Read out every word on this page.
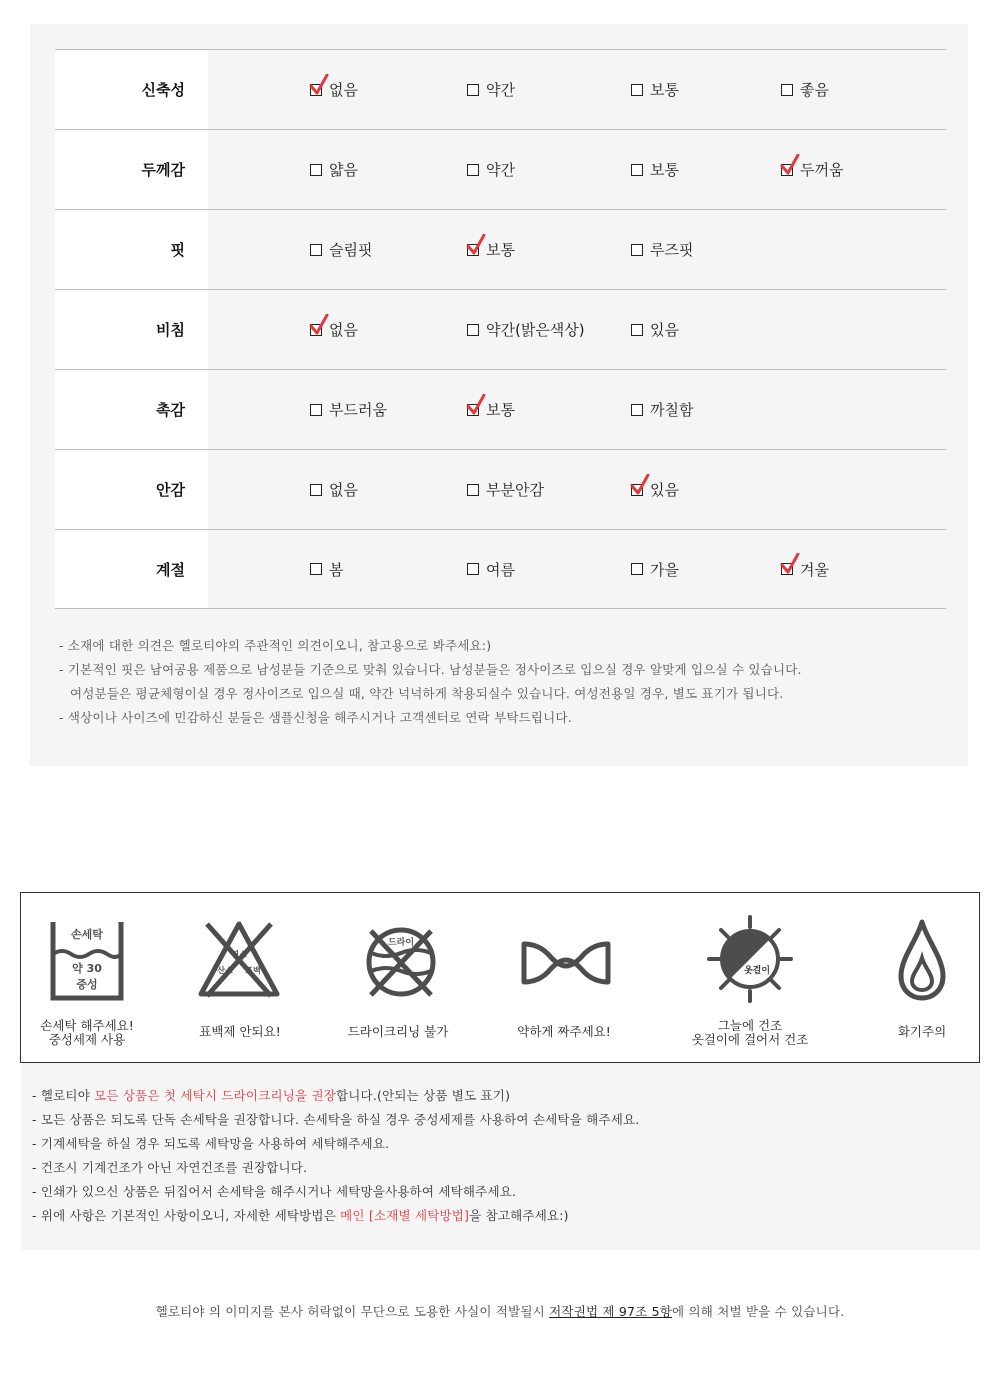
신축성	없음	약간	보통	좋음
두께감	얇음	약간	보통	두꺼움
핏	슬림핏	보통	루즈핏
비침	없음	약간(밝은색상)	있음
촉감	부드러움	보통	까칠함
안감	없음	부분안감	있음
계절	봄	여름	가을	겨울
- 소재에 대한 의견은 헬로티야의 주관적인 의견이오니, 참고용으로 봐주세요:)
- 기본적인 핏은 남여공용 제품으로 남성분들 기준으로 맞춰 있습니다. 남성분들은 정사이즈로 입으실 경우 알맞게 입으실 수 있습니다.
여성분들은 평균체형이실 경우 정사이즈로 입으실 때, 약간 넉넉하게 착용되실수 있습니다. 여성전용일 경우, 별도 표기가 됩니다.
- 색상이나 사이즈에 민감하신 분들은 샘플신청을 해주시거나 고객센터로 연락 부탁드립니다.
손세탁
약 30
중성
손세탁 해주세요!
중성세제 사용
염소
산소 표백
표백제 안되요!
드라이
드라이크리닝 불가	약하게 짜주세요!
옷걸이
그늘에 건조
옷걸이에 걸어서 건조
화기주의
- 헬로티야 모든 상품은 첫 세탁시 드라이크리닝을 권장합니다.(안되는 상품 별도 표기)
- 모든 상품은 되도록 단독 손세탁을 권장합니다. 손세탁을 하실 경우 중성세제를 사용하여 손세탁을 해주세요.
- 기계세탁을 하실 경우 되도록 세탁망을 사용하여 세탁해주세요.
- 건조시 기계건조가 아닌 자연건조를 권장합니다.
- 인쇄가 있으신 상품은 뒤집어서 손세탁을 해주시거나 세탁망을사용하여 세탁해주세요.
- 위에 사항은 기본적인 사항이오니, 자세한 세탁방법은 메인 [소재별 세탁방법]을 참고해주세요:)
헬로티야 의 이미지를 본사 허락없이 무단으로 도용한 사실이 적발될시 저작권법 제 97조 5항에 의해 처벌 받을 수 있습니다.
